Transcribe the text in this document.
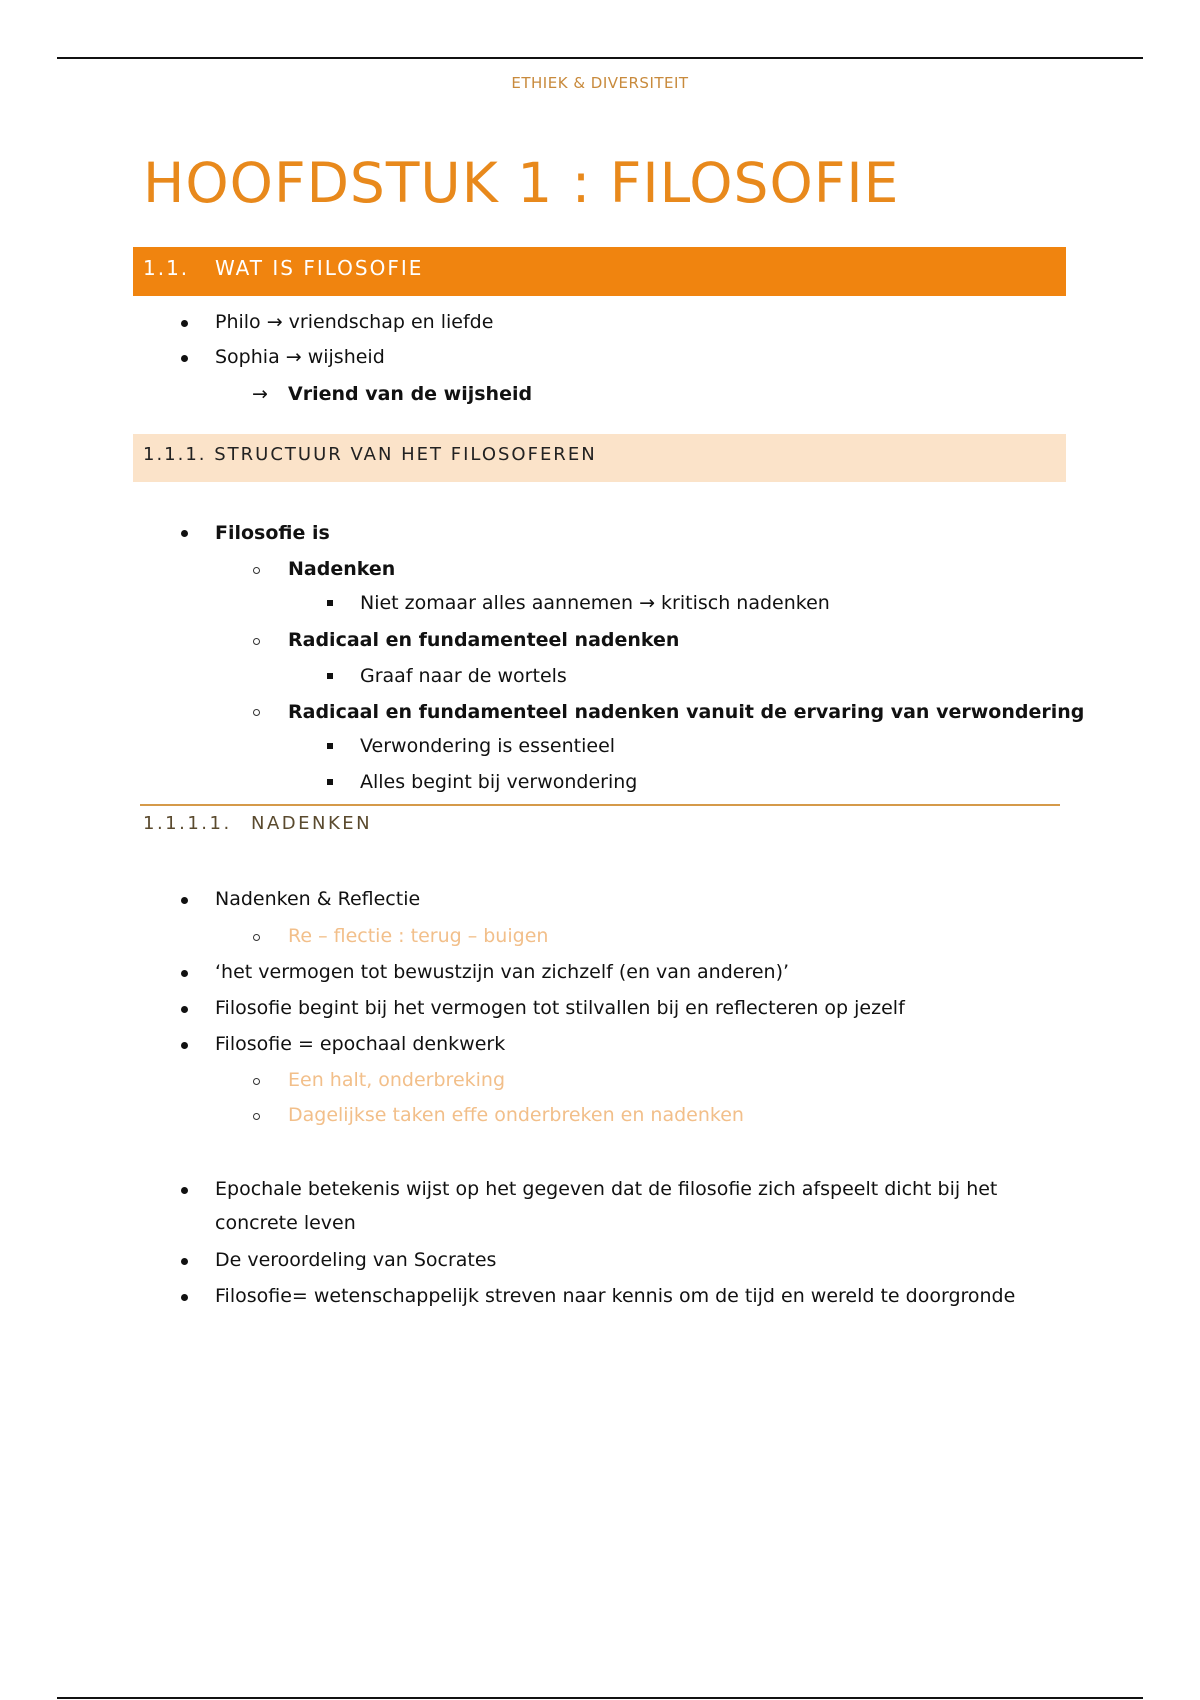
ETHIEK & DIVERSITEIT
HOOFDSTUK 1 : FILOSOFIE
1.1. WAT IS FILOSOFIE
Philo → vriendschap en liefde
Sophia → wijsheid
→ Vriend van de wijsheid
1.1.1. STRUCTUUR VAN HET FILOSOFEREN
Filosofie is
Nadenken
Niet zomaar alles aannemen → kritisch nadenken
Radicaal en fundamenteel nadenken
Graaf naar de wortels
Radicaal en fundamenteel nadenken vanuit de ervaring van verwondering
Verwondering is essentieel
Alles begint bij verwondering
1.1.1.1. NADENKEN
Nadenken & Reflectie
Re – flectie : terug – buigen
‘het vermogen tot bewustzijn van zichzelf (en van anderen)’
Filosofie begint bij het vermogen tot stilvallen bij en reflecteren op jezelf
Filosofie = epochaal denkwerk
Een halt, onderbreking
Dagelijkse taken effe onderbreken en nadenken
Epochale betekenis wijst op het gegeven dat de filosofie zich afspeelt dicht bij het
concrete leven
De veroordeling van Socrates
Filosofie= wetenschappelijk streven naar kennis om de tijd en wereld te doorgronde
